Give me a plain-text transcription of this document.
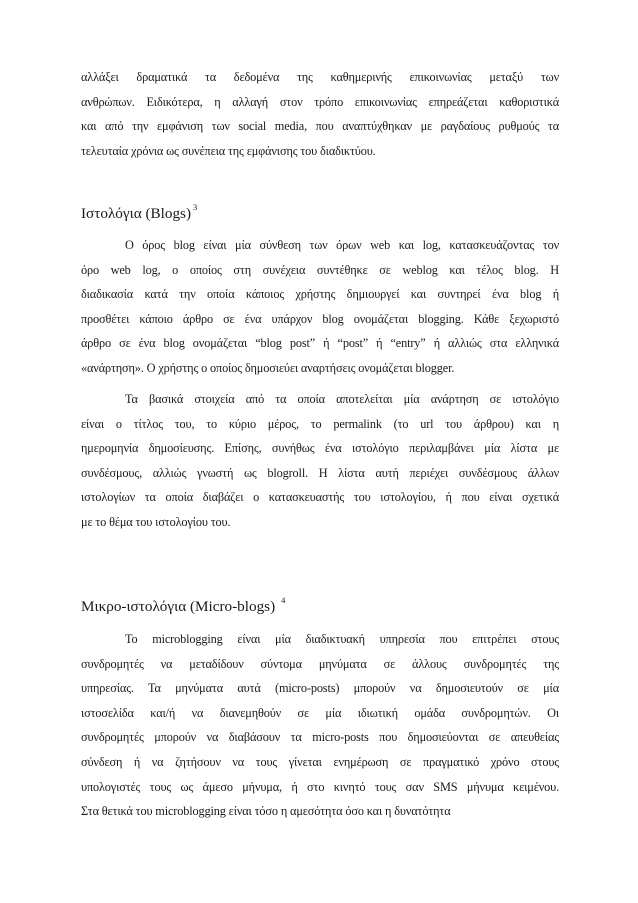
αλλάξει δραματικά τα δεδομένα της καθημερινής επικοινωνίας μεταξύ των
ανθρώπων. Ειδικότερα, η αλλαγή στον τρόπο επικοινωνίας επηρεάζεται καθοριστικά
και από την εμφάνιση των social media, που αναπτύχθηκαν με ραγδαίους ρυθμούς τα
τελευταία χρόνια ως συνέπεια της εμφάνισης του διαδικτύου.
Ιστολόγια (Blogs) $^3$
Ο όρος blog είναι μία σύνθεση των όρων web και log, κατασκευάζοντας τον
όρο web log, ο οποίος στη συνέχεια συντέθηκε σε weblog και τέλος blog. Η
διαδικασία κατά την οποία κάποιος χρήστης δημιουργεί και συντηρεί ένα blog ή
προσθέτει κάποιο άρθρο σε ένα υπάρχον blog ονομάζεται blogging. Κάθε ξεχωριστό
άρθρο σε ένα blog ονομάζεται “blog post” ή “post” ή “entry” ή αλλιώς στα ελληνικά
«ανάρτηση». Ο χρήστης ο οποίος δημοσιεύει αναρτήσεις ονομάζεται blogger.
Τα βασικά στοιχεία από τα οποία αποτελείται μία ανάρτηση σε ιστολόγιο
είναι ο τίτλος του, το κύριο μέρος, το permalink (το url του άρθρου) και η
ημερομηνία δημοσίευσης. Επίσης, συνήθως ένα ιστολόγιο περιλαμβάνει μία λίστα με
συνδέσμους, αλλιώς γνωστή ως blogroll. Η λίστα αυτή περιέχει συνδέσμους άλλων
ιστολογίων τα οποία διαβάζει ο κατασκευαστής του ιστολογίου, ή που είναι σχετικά
με το θέμα του ιστολογίου του.
Μικρο-ιστολόγια (Micro-blogs) $^4$
Το microblogging είναι μία διαδικτυακή υπηρεσία που επιτρέπει στους
συνδρομητές να μεταδίδουν σύντομα μηνύματα σε άλλους συνδρομητές της
υπηρεσίας. Τα μηνύματα αυτά (micro-posts) μπορούν να δημοσιευτούν σε μία
ιστοσελίδα και/ή να διανεμηθούν σε μία ιδιωτική ομάδα συνδρομητών. Οι
συνδρομητές μπορούν να διαβάσουν τα micro-posts που δημοσιεύονται σε απευθείας
σύνδεση ή να ζητήσουν να τους γίνεται ενημέρωση σε πραγματικό χρόνο στους
υπολογιστές τους ως άμεσο μήνυμα, ή στο κινητό τους σαν SMS μήνυμα κειμένου.
Στα θετικά του microblogging είναι τόσο η αμεσότητα όσο και η δυνατότητα
